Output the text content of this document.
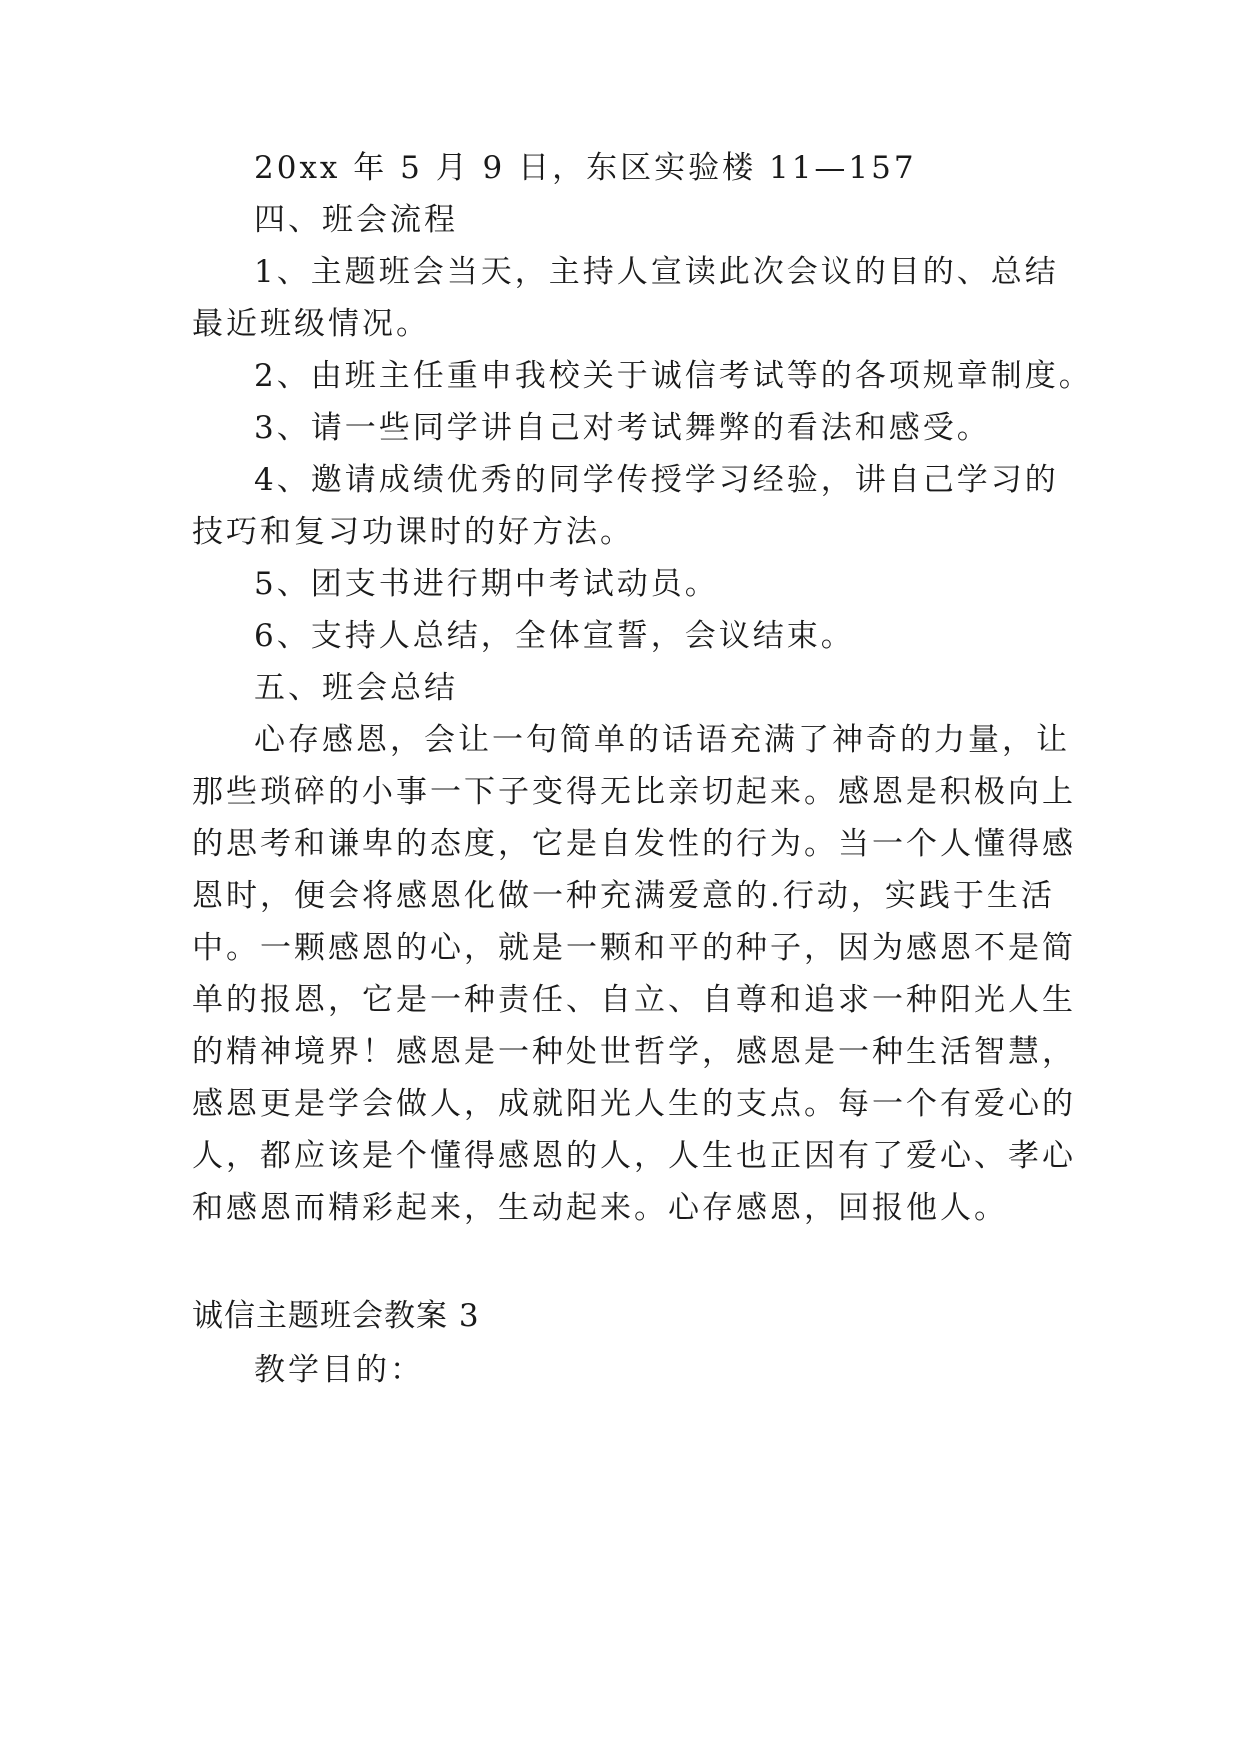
20xx 年 5 月 9 日，东区实验楼 11—157
四、班会流程
1、主题班会当天，主持人宣读此次会议的目的、总结
最近班级情况。
2、由班主任重申我校关于诚信考试等的各项规章制度。
3、请一些同学讲自己对考试舞弊的看法和感受。
4、邀请成绩优秀的同学传授学习经验，讲自己学习的
技巧和复习功课时的好方法。
5、团支书进行期中考试动员。
6、支持人总结，全体宣誓，会议结束。
五、班会总结
心存感恩，会让一句简单的话语充满了神奇的力量，让
那些琐碎的小事一下子变得无比亲切起来。感恩是积极向上
的思考和谦卑的态度，它是自发性的行为。当一个人懂得感
恩时，便会将感恩化做一种充满爱意的.行动，实践于生活
中。一颗感恩的心，就是一颗和平的种子，因为感恩不是简
单的报恩，它是一种责任、自立、自尊和追求一种阳光人生
的精神境界！感恩是一种处世哲学，感恩是一种生活智慧，
感恩更是学会做人，成就阳光人生的支点。每一个有爱心的
人，都应该是个懂得感恩的人，人生也正因有了爱心、孝心
和感恩而精彩起来，生动起来。心存感恩，回报他人。
诚信主题班会教案 3
教学目的：
